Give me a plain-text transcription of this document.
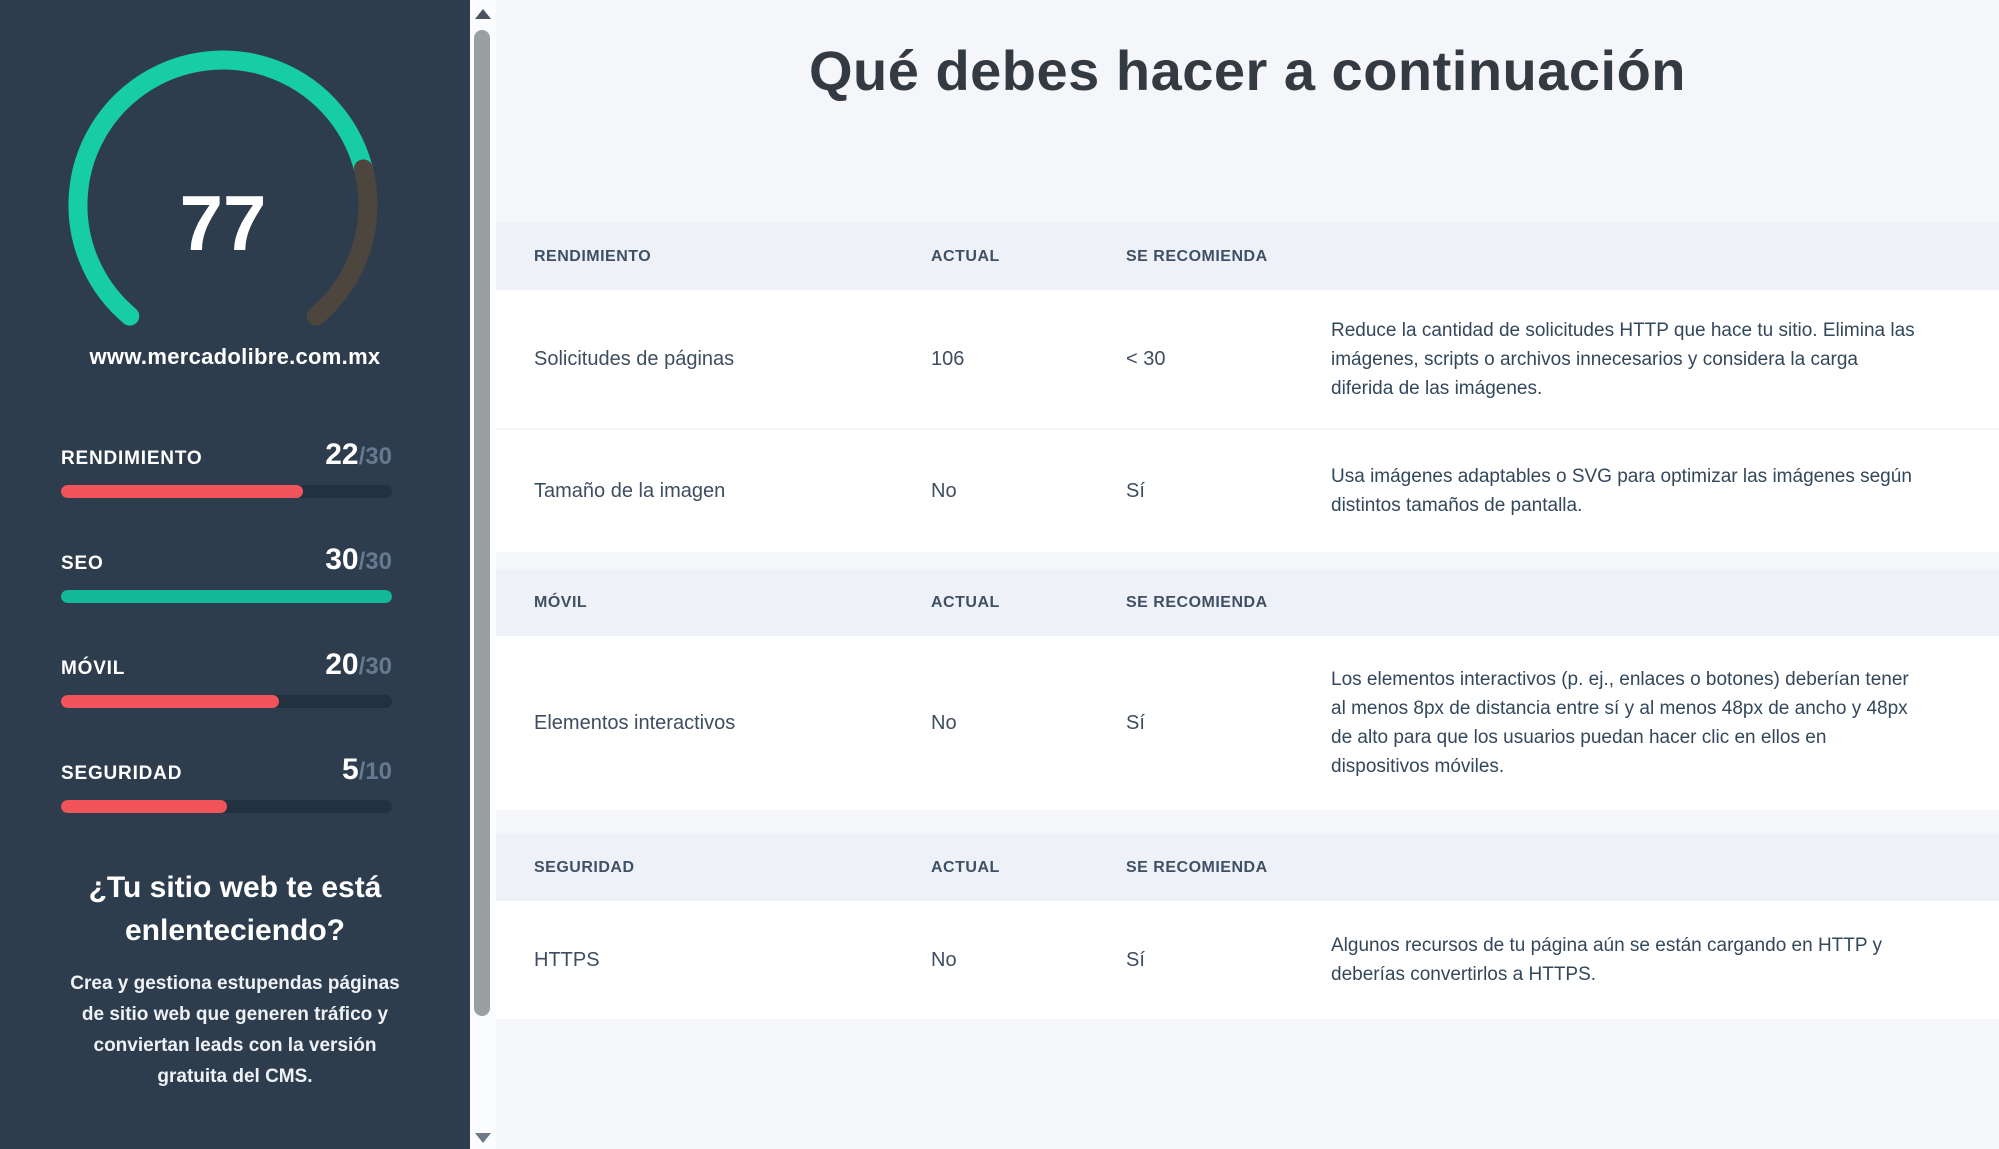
77
www.mercadolibre.com.mx
RENDIMIENTO	22/30
SEO	30/30
MÓVIL	20/30
SEGURIDAD	5/10
¿Tu sitio web te está enlenteciendo?
Crea y gestiona estupendas páginas de sitio web que generen tráfico y conviertan leads con la versión gratuita del CMS.
Qué debes hacer a continuación
RENDIMIENTO	ACTUAL	SE RECOMIENDA
Solicitudes de páginas	106	< 30
Reduce la cantidad de solicitudes HTTP que hace tu sitio. Elimina las imágenes, scripts o archivos innecesarios y considera la carga diferida de las imágenes.
Tamaño de la imagen	No	Sí
Usa imágenes adaptables o SVG para optimizar las imágenes según distintos tamaños de pantalla.
MÓVIL	ACTUAL	SE RECOMIENDA
Elementos interactivos	No	Sí
Los elementos interactivos (p. ej., enlaces o botones) deberían tener al menos 8px de distancia entre sí y al menos 48px de ancho y 48px de alto para que los usuarios puedan hacer clic en ellos en dispositivos móviles.
SEGURIDAD	ACTUAL	SE RECOMIENDA
HTTPS	No	Sí
Algunos recursos de tu página aún se están cargando en HTTP y deberías convertirlos a HTTPS.
